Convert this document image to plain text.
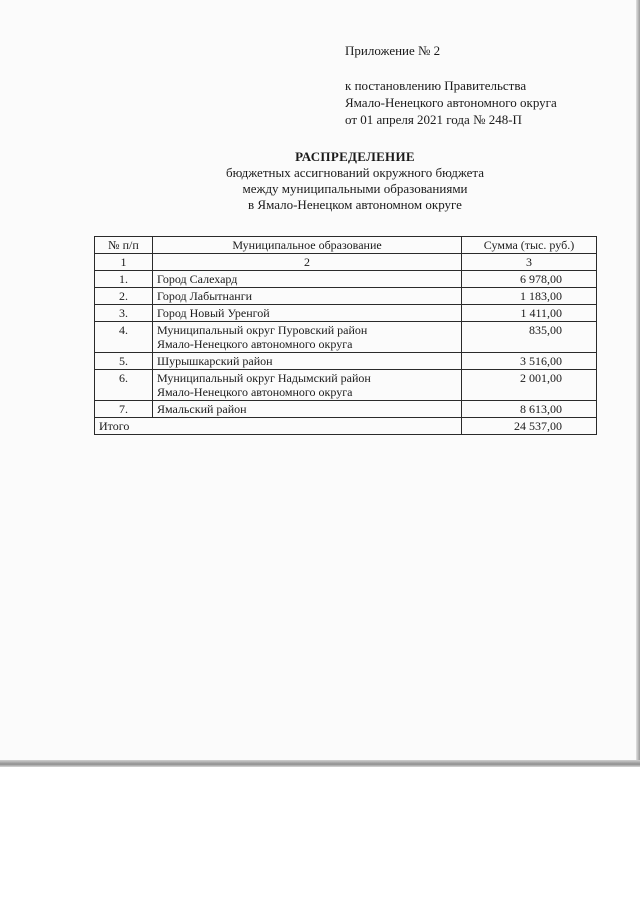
Приложение № 2
к постановлению Правительства
Ямало-Ненецкого автономного округа
от 01 апреля 2021 года № 248-П
РАСПРЕДЕЛЕНИЕ
бюджетных ассигнований окружного бюджета
между муниципальными образованиями
в Ямало-Ненецком автономном округе
№ п/п	Муниципальное образование	Сумма (тыс. руб.)
1	2	3
1.	Город Салехард	6 978,00
2.	Город Лабытнанги	1 183,00
3.	Город Новый Уренгой	1 411,00
4.	Муниципальный округ Пуровский район
Ямало-Ненецкого автономного округа	835,00
5.	Шурышкарский район	3 516,00
6.	Муниципальный округ Надымский район
Ямало-Ненецкого автономного округа	2 001,00
7.	Ямальский район	8 613,00
Итого		24 537,00
